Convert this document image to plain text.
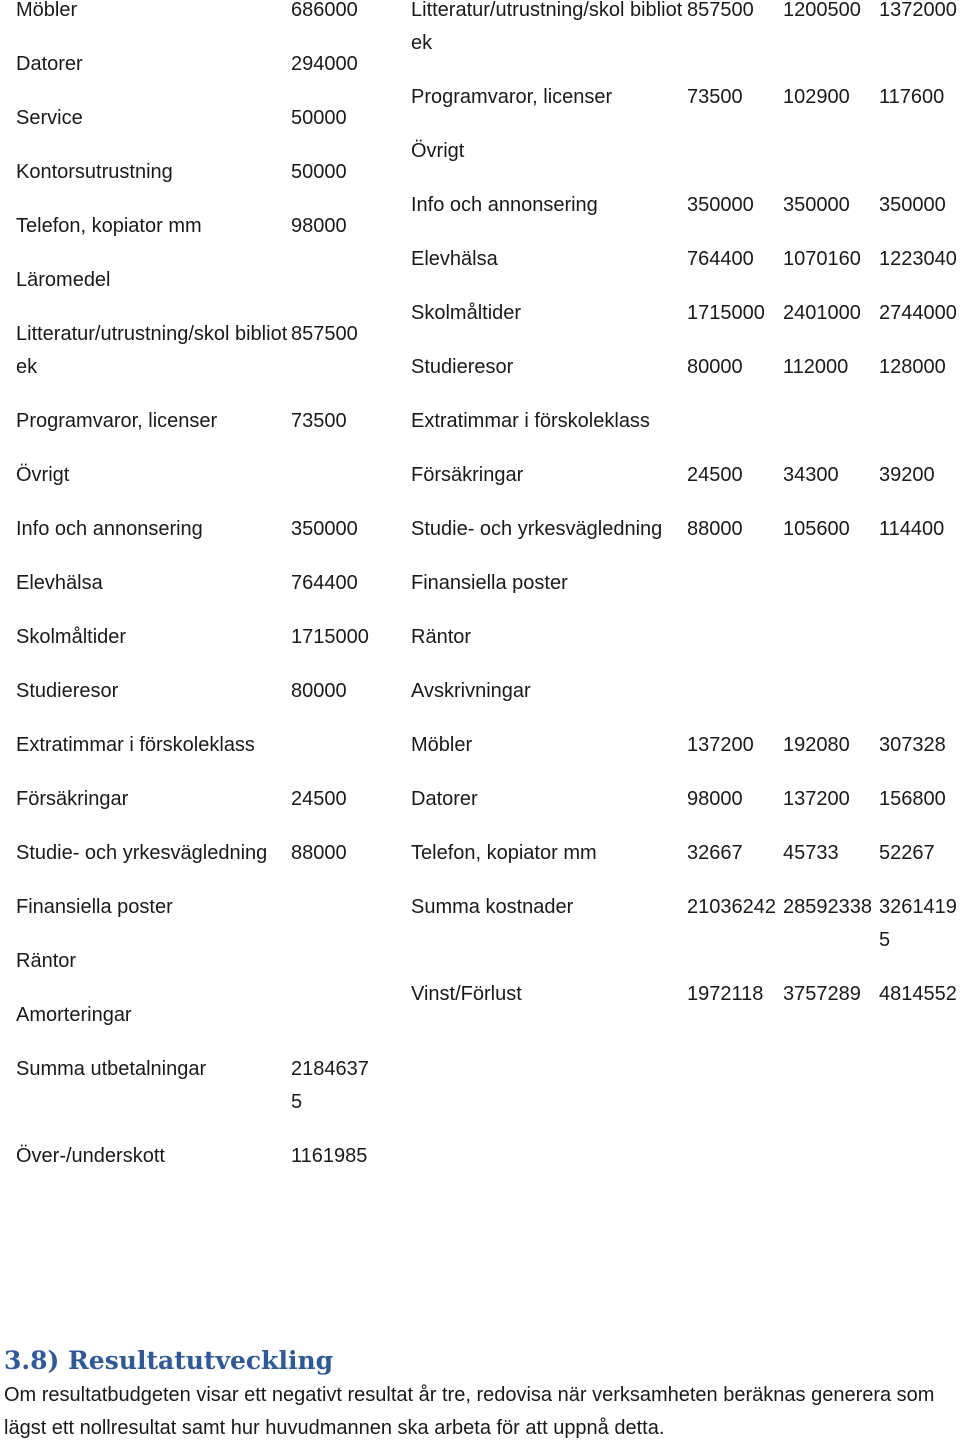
Möbler	686000
Datorer	294000
Service	50000
Kontorsutrustning	50000
Telefon, kopiator mm	98000
Läromedel	
Litteratur/utrustning/skol bibliotek	857500
Programvaror, licenser	73500
Övrigt	
Info och annonsering	350000
Elevhälsa	764400
Skolmåltider	1715000
Studieresor	80000
Extratimmar i förskoleklass	
Försäkringar	24500
Studie- och yrkesvägledning	88000
Finansiella poster	
Räntor	
Amorteringar	
Summa utbetalningar	21846375
Över-/underskott	1161985
Litteratur/utrustning/skol bibliotek	857500	1200500	1372000
Programvaror, licenser	73500	102900	117600
Övrigt			
Info och annonsering	350000	350000	350000
Elevhälsa	764400	1070160	1223040
Skolmåltider	1715000	2401000	2744000
Studieresor	80000	112000	128000
Extratimmar i förskoleklass			
Försäkringar	24500	34300	39200
Studie- och yrkesvägledning	88000	105600	114400
Finansiella poster			
Räntor			
Avskrivningar			
Möbler	137200	192080	307328
Datorer	98000	137200	156800
Telefon, kopiator mm	32667	45733	52267
Summa kostnader	21036242	28592338	32614195
Vinst/Förlust	1972118	3757289	4814552
3.8) Resultatutveckling

Om resultatbudgeten visar ett negativt resultat år tre, redovisa när verksamheten beräknas generera som lägst ett nollresultat samt hur huvudmannen ska arbeta för att uppnå detta.
